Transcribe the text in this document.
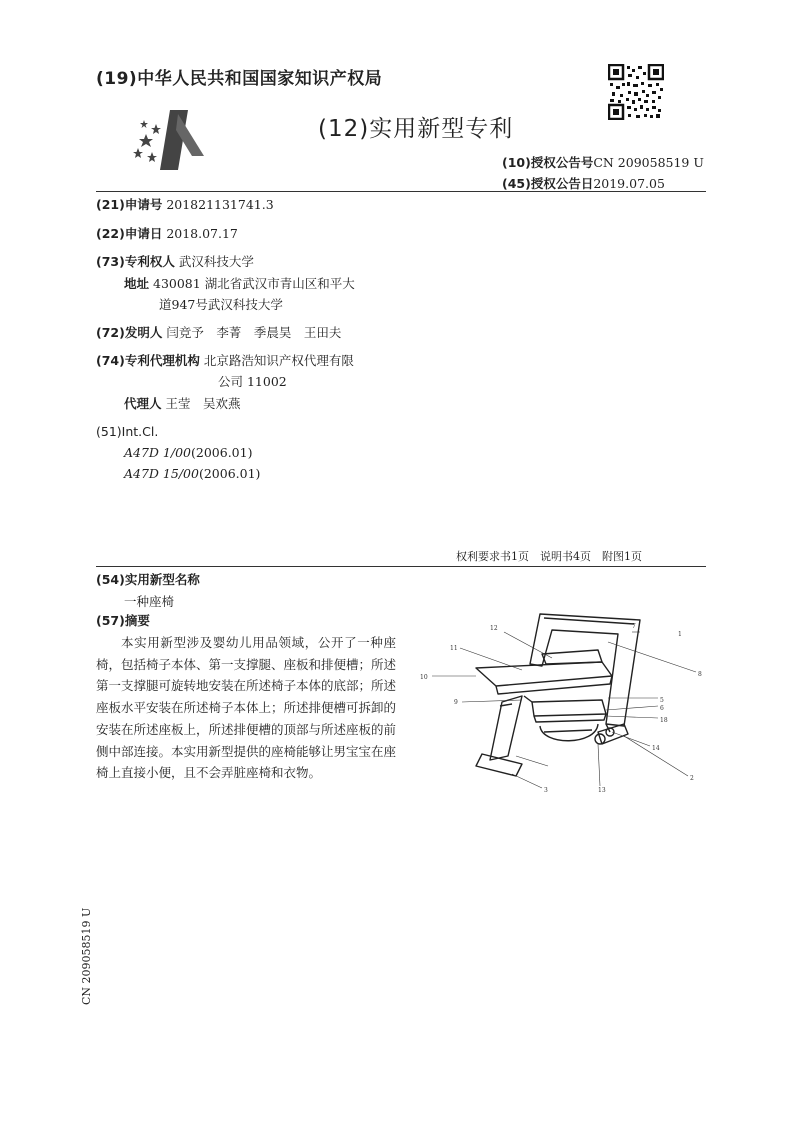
(19)中华人民共和国国家知识产权局
(12)实用新型专利
(10)授权公告号CN 209058519 U
(45)授权公告日2019.07.05
(21)申请号 201821131741.3
(22)申请日 2018.07.17
(73)专利权人 武汉科技大学
地址 430081 湖北省武汉市青山区和平大
道947号武汉科技大学
(72)发明人 闫竞予　李菁　季晨昊　王田夫
(74)专利代理机构 北京路浩知识产权代理有限
公司 11002
代理人 王莹　吴欢燕
(51)Int.Cl.
A47D 1/00(2006.01)
A47D 15/00(2006.01)
权利要求书1页　说明书4页　附图1页
(54)实用新型名称
一种座椅
(57)摘要
本实用新型涉及婴幼儿用品领域，公开了一种座椅，包括椅子本体、第一支撑腿、座板和排便槽；所述第一支撑腿可旋转地安装在所述椅子本体的底部；所述座板水平安装在所述椅子本体上；所述排便槽可拆卸的安装在所述座板上，所述排便槽的顶部与所述座板的前侧中部连接。本实用新型提供的座椅能够让男宝宝在座椅上直接小便，且不会弄脏座椅和衣物。
12
11
10
9
7
1
8
18
5
6
14
2
3	13
CN 209058519 U
